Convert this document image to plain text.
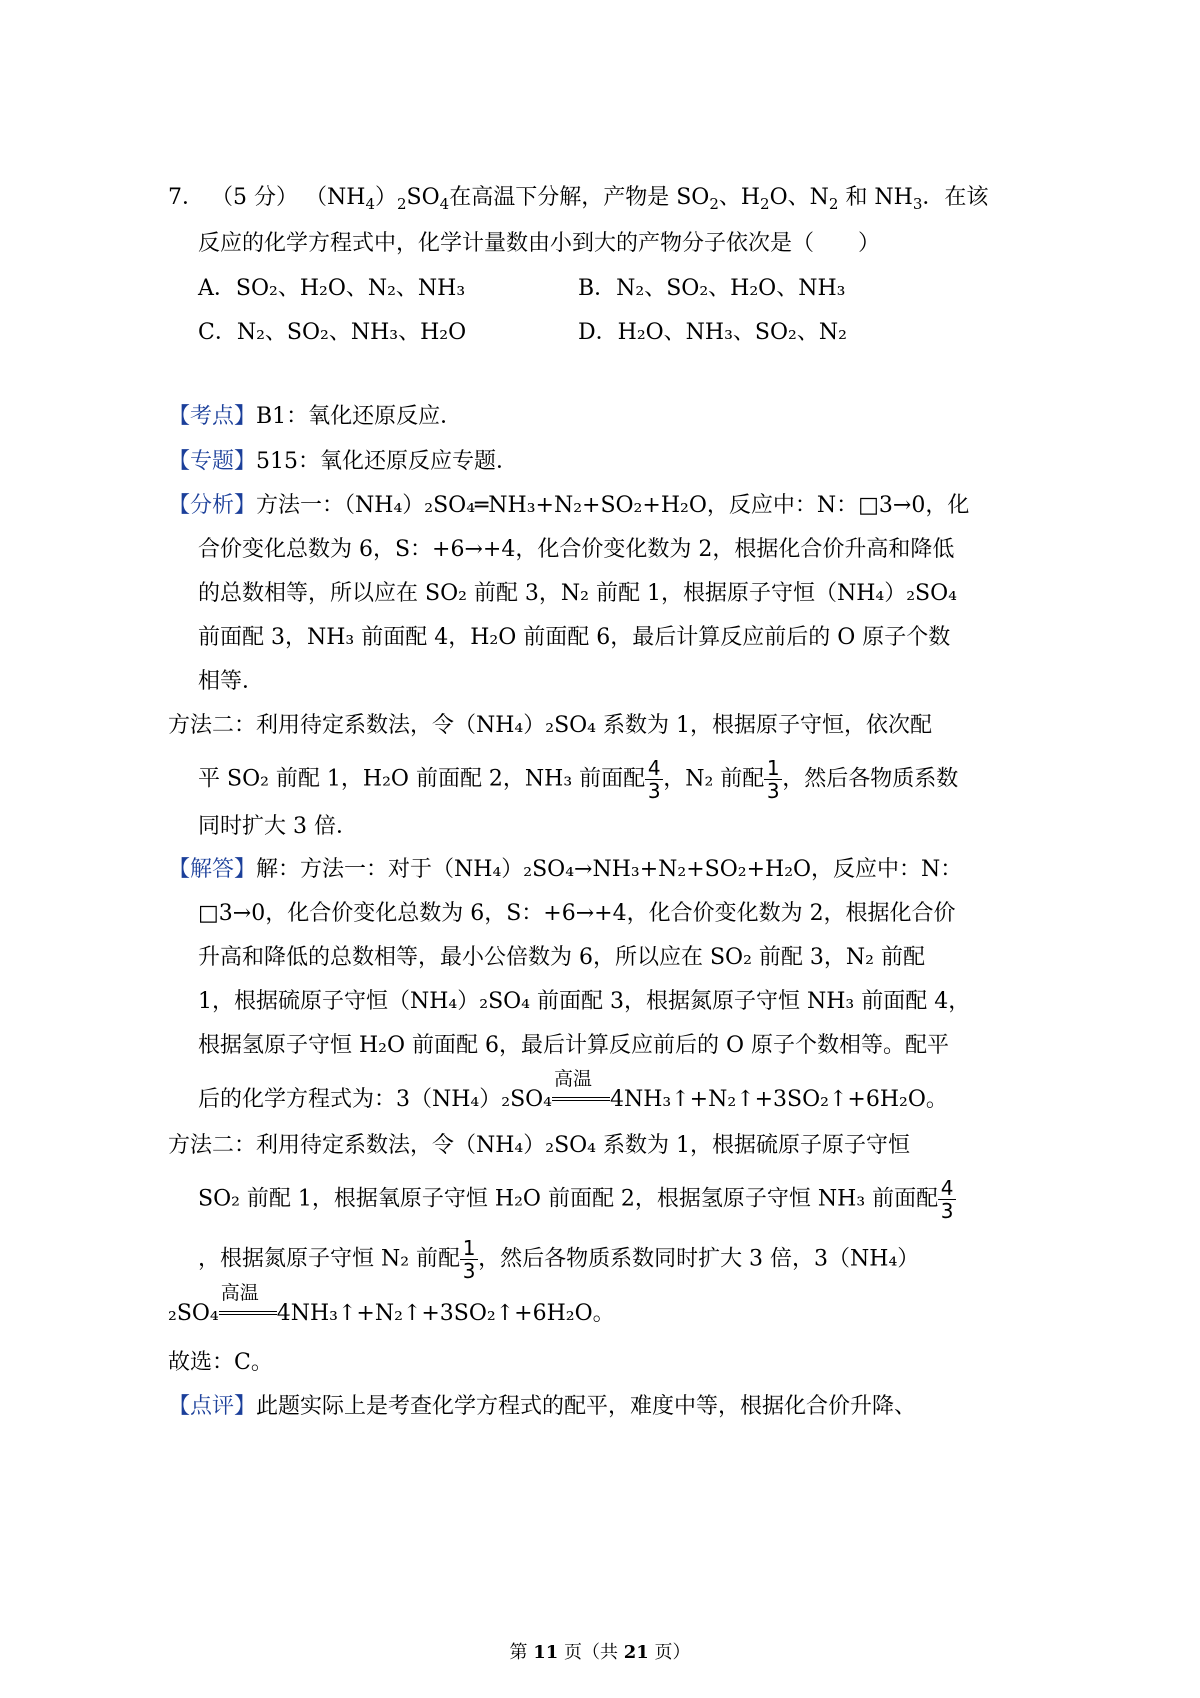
7． （5 分） $(NH_4)_2SO_4$在高温下分解，产物是 $SO_2$、$H_2O$、$N_2$ 和 $NH_3$．在该
反应的化学方程式中，化学计量数由小到大的产物分子依次是（　　）
A．SO₂、H₂O、N₂、NH₃	B．N₂、SO₂、H₂O、NH₃
C．N₂、SO₂、NH₃、H₂O	D．H₂O、NH₃、SO₂、N₂
【考点】B1：氧化还原反应．
【专题】515：氧化还原反应专题．
【分析】方法一：（NH₄）₂SO₄═NH₃+N₂+SO₂+H₂O，反应中：N：□3→0，化
合价变化总数为 6，S：+6→+4，化合价变化数为 2，根据化合价升高和降低
的总数相等，所以应在 SO₂ 前配 3，N₂ 前配 1，根据原子守恒（NH₄）₂SO₄
前面配 3，NH₃ 前面配 4，H₂O 前面配 6，最后计算反应前后的 O 原子个数
相等．
方法二：利用待定系数法，令（NH₄）₂SO₄ 系数为 1，根据原子守恒，依次配
平 SO₂ 前配 1，H₂O 前面配 2，NH₃ 前面配 $\frac{4}{3}$ ，N₂ 前配 $\frac{1}{3}$ ，然后各物质系数
同时扩大 3 倍．
【解答】解：方法一：对于（NH₄）₂SO₄→NH₃+N₂+SO₂+H₂O，反应中：N：
□3→0，化合价变化总数为 6，S：+6→+4，化合价变化数为 2，根据化合价
升高和降低的总数相等，最小公倍数为 6，所以应在 SO₂ 前配 3，N₂ 前配
1，根据硫原子守恒（NH₄）₂SO₄ 前面配 3，根据氮原子守恒 NH₃ 前面配 4，
根据氢原子守恒 H₂O 前面配 6，最后计算反应前后的 O 原子个数相等。配平
后的化学方程式为：3（NH₄）₂SO₄
高温
4NH₃↑+N₂↑+3SO₂↑+6H₂O。
方法二：利用待定系数法，令（NH₄）₂SO₄ 系数为 1，根据硫原子原子守恒
SO₂ 前配 1，根据氧原子守恒 H₂O 前面配 2，根据氢原子守恒 NH₃ 前面配 $\frac{4}{3}$
，根据氮原子守恒 N₂ 前配 $\frac{1}{3}$ ，然后各物质系数同时扩大 3 倍，3（NH₄）
₂SO₄
高温
4NH₃↑+N₂↑+3SO₂↑+6H₂O。
故选：C。
【点评】此题实际上是考查化学方程式的配平，难度中等，根据化合价升降、
第 11 页（共 21 页）
